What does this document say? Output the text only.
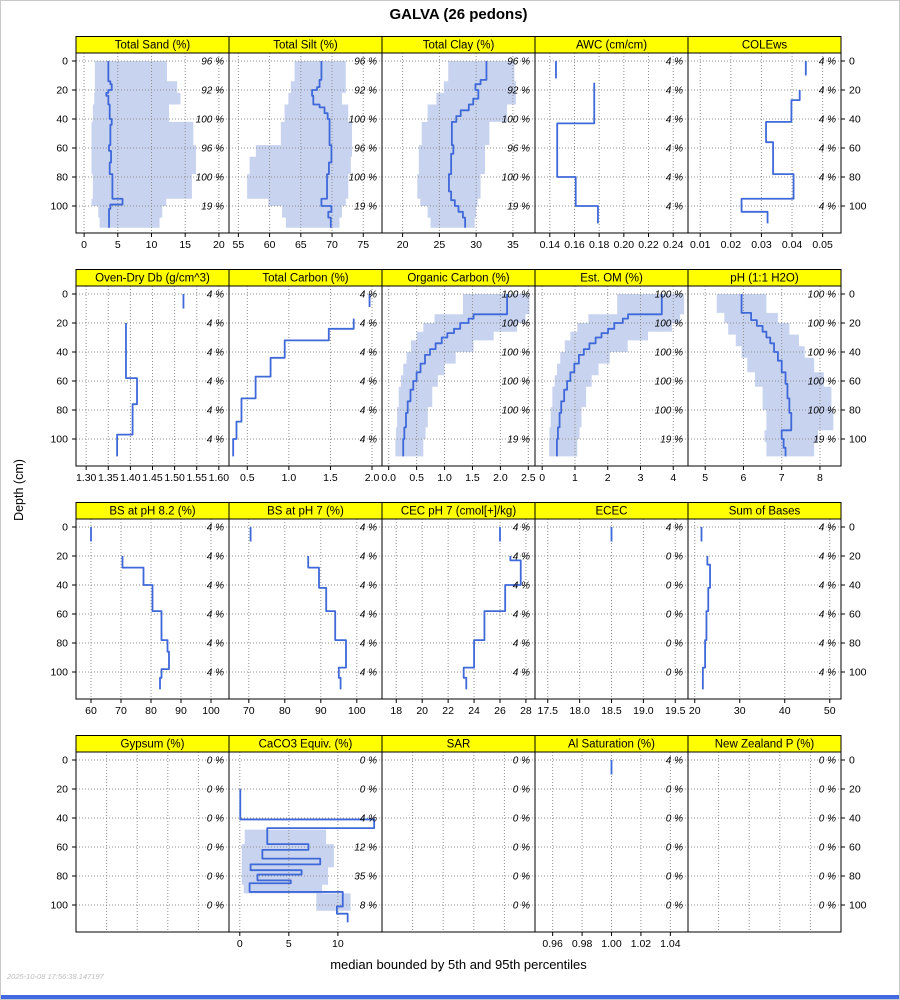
GALVA (26 pedons)
Depth (cm)
96 %
92 %
100 %
96 %
100 %
19 %
Total Sand (%)
0	5 10 15 20
0
20
40
60
80
100
96 %
92 %
100 %
96 %
100 %
19 %
Total Silt (%)
55 60 65 70 75
96 %
92 %
100 %
96 %
100 %
19 %
Total Clay (%)
20 25 30 35
4 %
4 %
4 %
4 %
4 %
4 %
AWC (cm/cm)
0.14 0.16 0.18 0.20 0.22 0.24
4 %
4 %
4 %
4 %
4 %
4 %
COLEws
0.01 0.02 0.03 0.04 0.05
0
20
40
60
80
100
4 %
4 %
4 %
4 %
4 %
4 %
Oven-Dry Db (g/cm^3)
1.30 1.35 1.40 1.45 1.50 1.55 1.60
0
20
40
60
80
100
4 %
4 %
4 %
4 %
4 %
4 %
Total Carbon (%)
0.5	1.0	1.5	2.0
100 %
100 %
100 %
100 %
100 %
19 %
Organic Carbon (%)
0.0 0.5 1.0 1.5 2.0 2.5
100 %
100 %
100 %
100 %
100 %
19 %
Est. OM (%)
0	1	2	3	4
100 %
100 %
100 %
100 %
100 %
19 %
pH (1:1 H2O)
5	6	7	8
0
20
40
60
80
100
4 %
4 %
4 %
4 %
4 %
4 %
BS at pH 8.2 (%)
60 70 80 90 100
0
20
40
60
80
100
4 %
4 %
4 %
4 %
4 %
4 %
BS at pH 7 (%)
70 80 90 100
4 %
4 %
4 %
4 %
4 %
4 %
CEC pH 7 (cmol[+]/kg)
18 20 22 24 26 28
4 %
0 %
0 %
0 %
0 %
0 %
ECEC
17.5 18.0 18.5 19.0 19.5
4 %
4 %
4 %
4 %
4 %
4 %
Sum of Bases
20	30	40	50
0
20
40
60
80
100
0 %
0 %
0 %
0 %
0 %
0 %
Gypsum (%)
0
20
40
60
80
100
0 %
0 %
4 %
12 %
35 %
8 %
CaCO3 Equiv. (%)
0	5	10
0 %
0 %
0 %
0 %
0 %
0 %
SAR
4 %
0 %
0 %
0 %
0 %
0 %
Al Saturation (%)
0.96 0.98 1.00 1.02 1.04
0 %
0 %
0 %
0 %
0 %
0 %
New Zealand P (%)
0
20
40
60
80
100
median bounded by 5th and 95th percentiles
2025-10-08 17:56:38.147197
